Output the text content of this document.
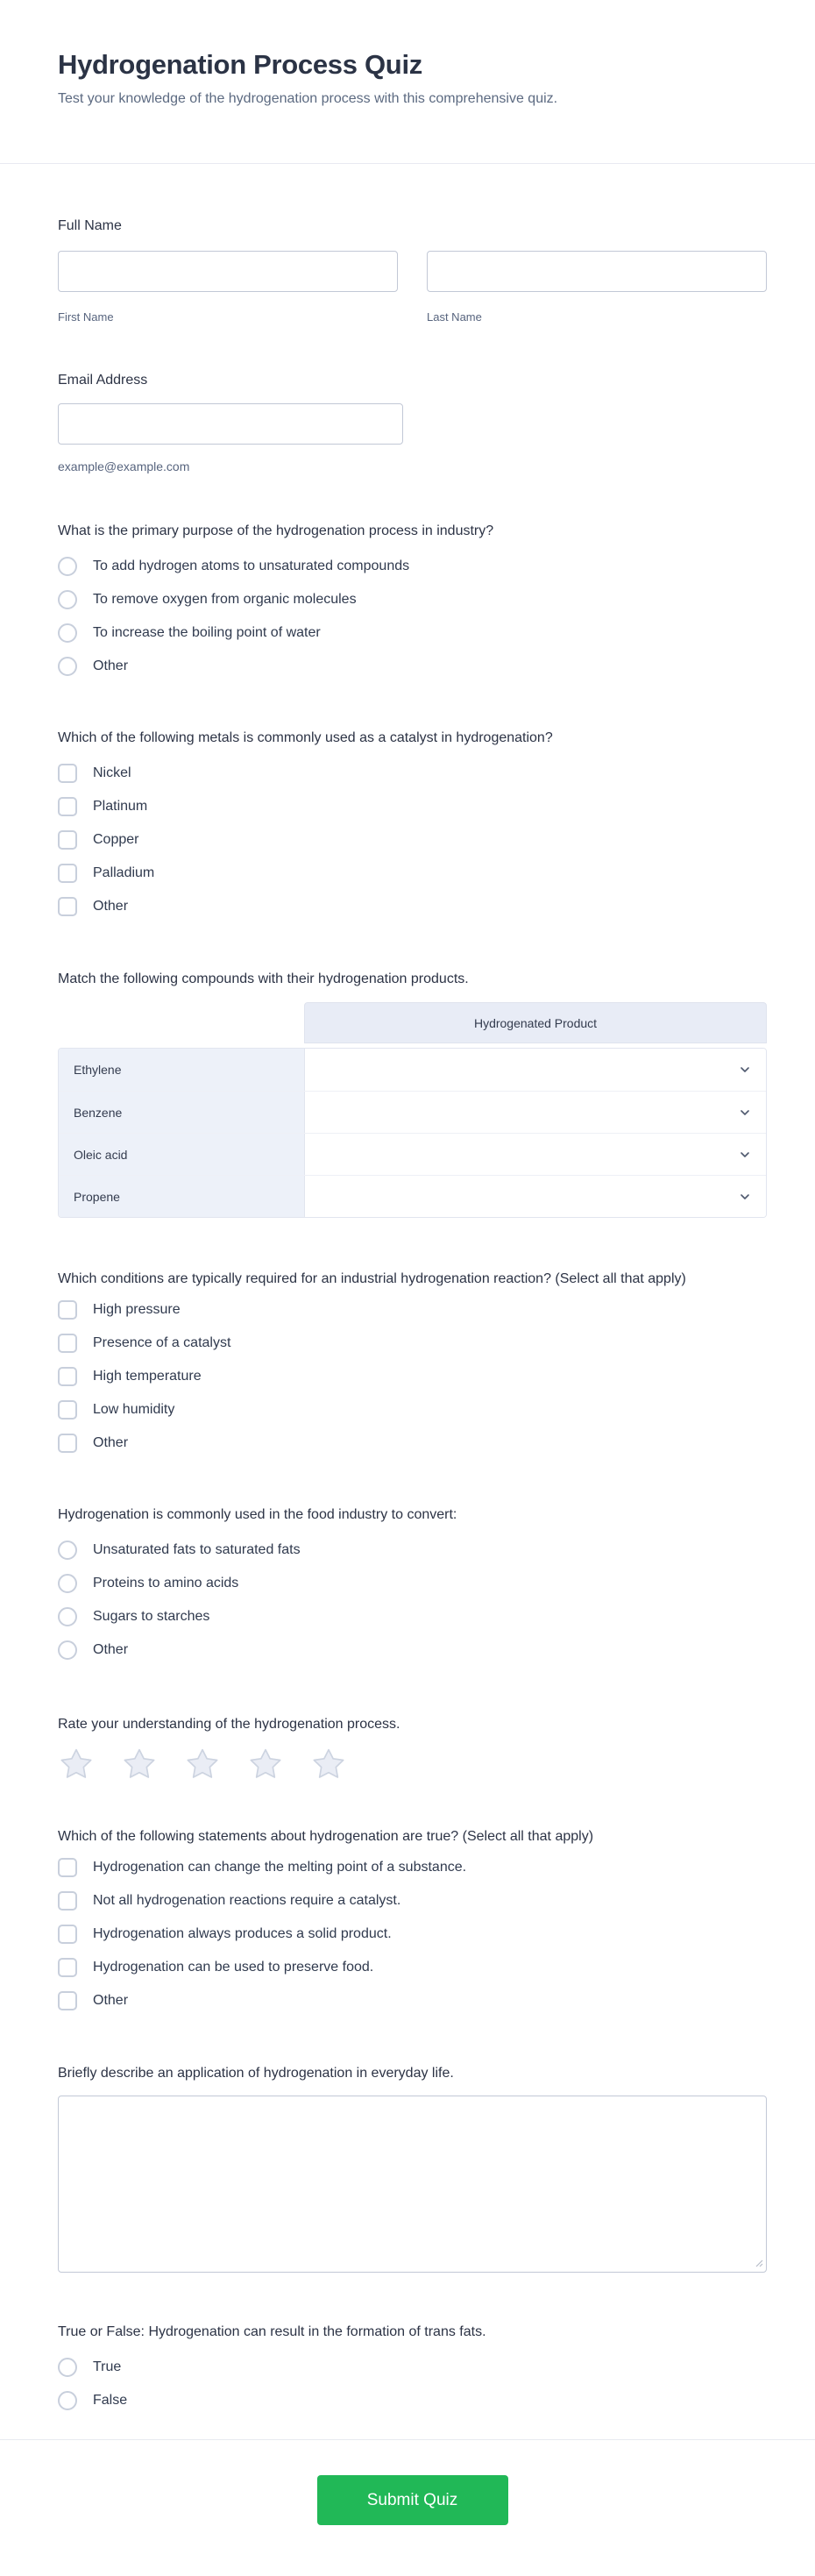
Hydrogenation Process Quiz

Test your knowledge of the hydrogenation process with this comprehensive quiz.

Full Name
First Name	Last Name
Email Address
example@example.com
What is the primary purpose of the hydrogenation process in industry?
To add hydrogen atoms to unsaturated compounds
To remove oxygen from organic molecules
To increase the boiling point of water
Other
Which of the following metals is commonly used as a catalyst in hydrogenation?
Nickel
Platinum
Copper
Palladium
Other
Match the following compounds with their hydrogenation products.
Hydrogenated Product
Ethylene
Benzene
Oleic acid
Propene
Which conditions are typically required for an industrial hydrogenation reaction? (Select all that apply)
High pressure
Presence of a catalyst
High temperature
Low humidity
Other
Hydrogenation is commonly used in the food industry to convert:
Unsaturated fats to saturated fats
Proteins to amino acids
Sugars to starches
Other
Rate your understanding of the hydrogenation process.
Which of the following statements about hydrogenation are true? (Select all that apply)
Hydrogenation can change the melting point of a substance.
Not all hydrogenation reactions require a catalyst.
Hydrogenation always produces a solid product.
Hydrogenation can be used to preserve food.
Other
Briefly describe an application of hydrogenation in everyday life.
True or False: Hydrogenation can result in the formation of trans fats.
True
False
Submit Quiz
